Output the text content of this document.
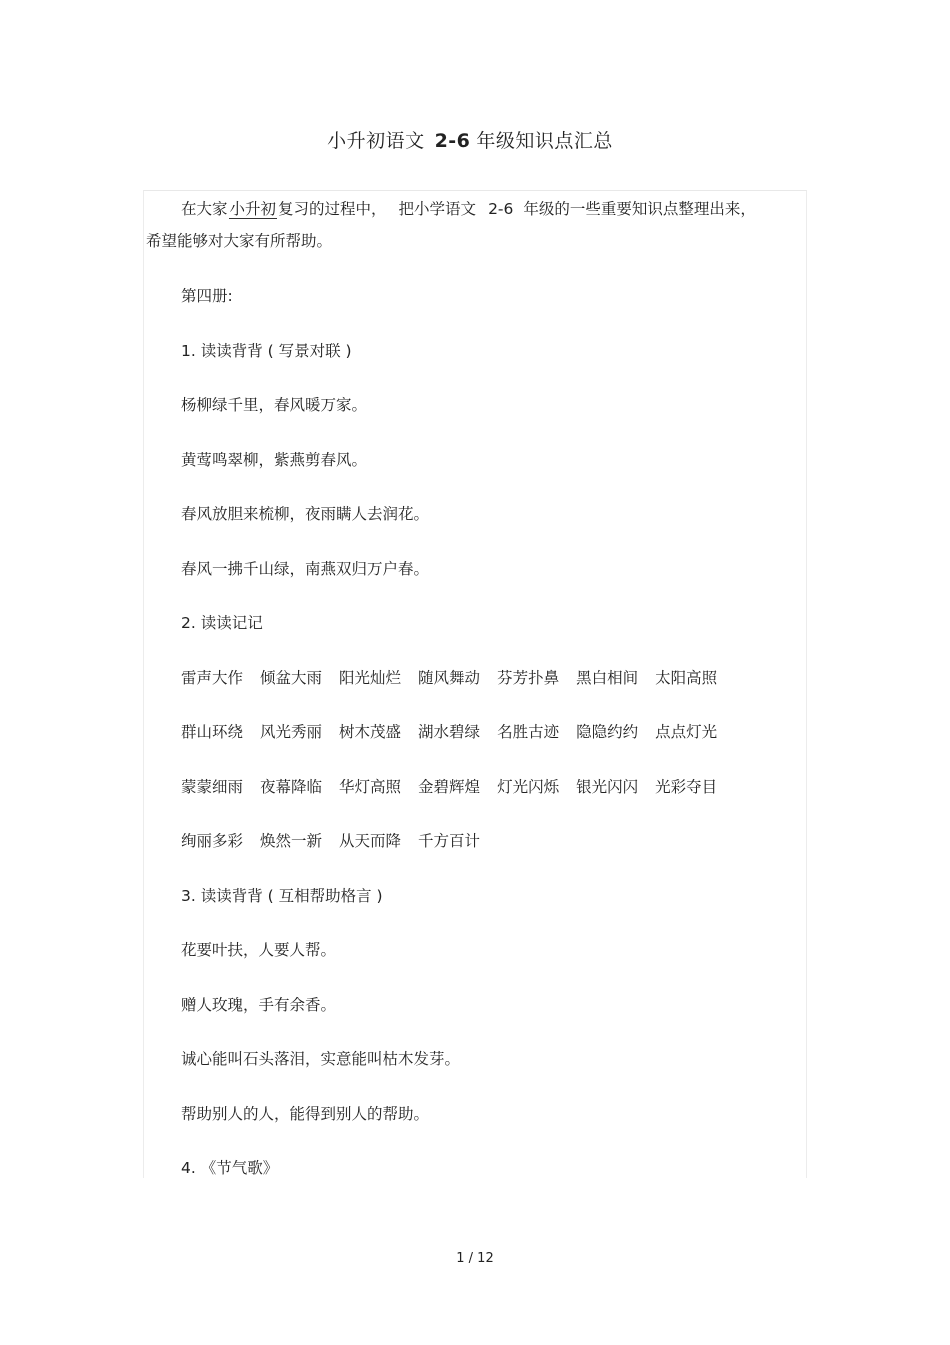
小升初语文 2-6 年级知识点汇总
在大家 小升初 复习的过程中， 把小学语文 2-6 年级的一些重要知识点整理出来，
希望能够对大家有所帮助。
第四册:
1. 读读背背 ( 写景对联 )
杨柳绿千里，春风暖万家。
黄莺鸣翠柳，紫燕剪春风。
春风放胆来梳柳，夜雨瞒人去润花。
春风一拂千山绿，南燕双归万户春。
2. 读读记记
雷声大作 倾盆大雨 阳光灿烂 随风舞动 芬芳扑鼻 黑白相间 太阳高照
群山环绕 风光秀丽 树木茂盛 湖水碧绿 名胜古迹 隐隐约约 点点灯光
蒙蒙细雨 夜幕降临 华灯高照 金碧辉煌 灯光闪烁 银光闪闪 光彩夺目
绚丽多彩 焕然一新 从天而降 千方百计
3. 读读背背 ( 互相帮助格言 )
花要叶扶，人要人帮。
赠人玫瑰，手有余香。
诚心能叫石头落泪，实意能叫枯木发芽。
帮助别人的人，能得到别人的帮助。
4. 《节气歌》
1 / 12
